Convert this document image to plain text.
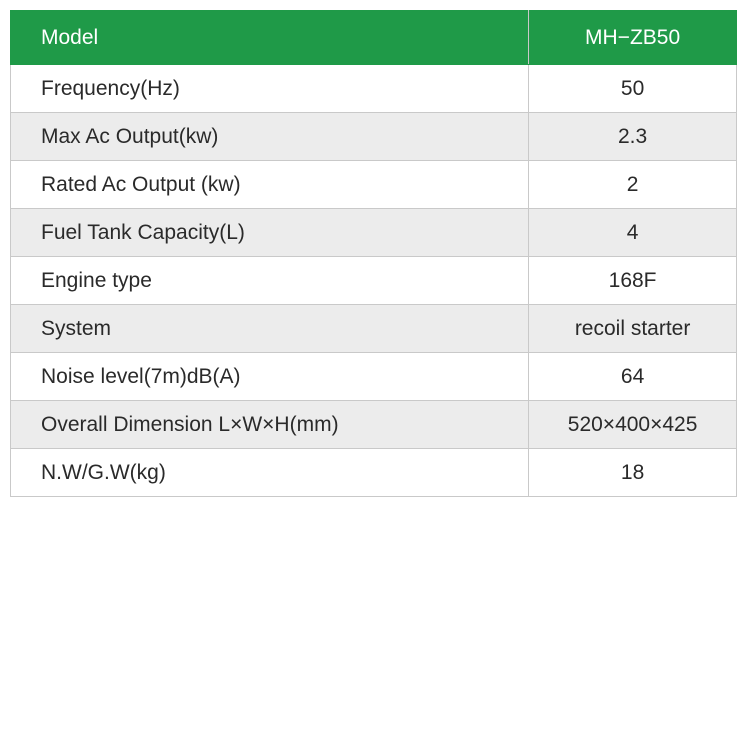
Model	MH−ZB50
Frequency(Hz)	50
Max Ac Output(kw)	2.3
Rated Ac Output (kw)	2
Fuel Tank Capacity(L)	4
Engine type	168F
System	recoil starter
Noise level(7m)dB(A)	64
Overall Dimension L×W×H(mm)	520×400×425
N.W/G.W(kg)	18
